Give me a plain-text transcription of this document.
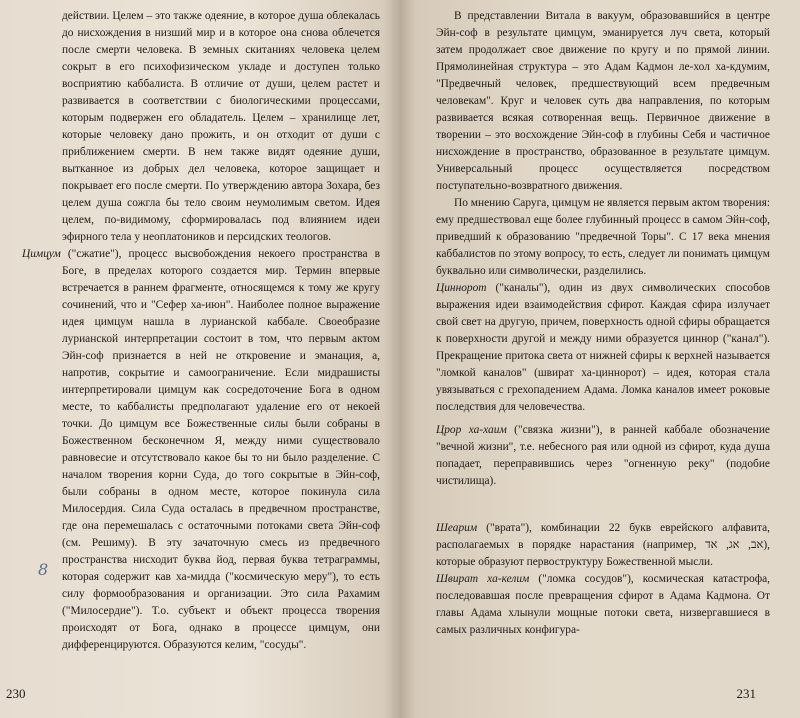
действии. Целем – это также одеяние, в которое душа облекалась до нисхождения в низший мир и в которое она снова облечется после смерти человека. В земных скитаниях человека целем сокрыт в его психофизическом укладе и доступен только восприятию каббалиста. В отличие от души, целем растет и развивается в соответствии с биологическими процессами, которым подвержен его обладатель. Целем – хранилище лет, которые человеку дано прожить, и он отходит от души с приближением смерти. В нем также видят одеяние души, вытканное из добрых дел человека, которое защищает и покрывает его после смерти. По утверждению автора Зохара, без целем душа сожгла бы тело своим неумолимым светом. Идея целем, по-видимому, сформировалась под влиянием идеи эфирного тела у неоплатоников и персидских теологов.

Цимцум ("сжатие"), процесс высвобождения некоего пространства в Боге, в пределах которого создается мир. Термин впервые встречается в раннем фрагменте, относящемся к тому же кругу сочинений, что и "Сефер ха-июн". Наиболее полное выражение идея цимцум нашла в лурианской каббале. Своеобразие лурианской интерпретации состоит в том, что первым актом Эйн-соф признается в ней не откровение и эманация, а, напротив, сокрытие и самоограничение. Если мидрашисты интерпретировали цимцум как сосредоточение Бога в одном месте, то каббалисты предполагают удаление его от некоей точки. До цимцум все Божественные силы были собраны в Божественном бесконечном Я, между ними существовало равновесие и отсутствовало какое бы то ни было разделение. С началом творения корни Суда, до того сокрытые в Эйн-соф, были собраны в одном месте, которое покинула сила Милосердия. Сила Суда осталась в предвечном пространстве, где она перемешалась с остаточными потоками света Эйн-соф (см. Решиму). В эту зачаточную смесь из предвечного пространства нисходит буква йод, первая буква тетраграммы, которая содержит кав ха-мидда ("космическую меру"), то есть силу формообразования и организации. Это сила Рахамим ("Милосердие"). Т.о. субъект и объект процесса творения происходят от Бога, однако в процессе цимцум, они дифференцируются. Образуются келим, "сосуды".

8
230

В представлении Витала в вакуум, образовавшийся в центре Эйн-соф в результате цимцум, эманируется луч света, который затем продолжает свое движение по кругу и по прямой линии. Прямолинейная структура – это Адам Кадмон ле-хол ха-кдумим, "Предвечный человек, предшествующий всем предвечным человекам". Круг и человек суть два направления, по которым развивается всякая сотворенная вещь. Первичное движение в творении – это восхождение Эйн-соф в глубины Себя и частичное нисхождение в пространство, образованное в результате цимцум. Универсальный процесс осуществляется посредством поступательно-возвратного движения.

По мнению Саруга, цимцум не является первым актом творения: ему предшествовал еще более глубинный процесс в самом Эйн-соф, приведший к образованию "предвечной Торы". С 17 века мнения каббалистов по этому вопросу, то есть, следует ли понимать цимцум буквально или символически, разделились.

Циннорот ("каналы"), один из двух символических способов выражения идеи взаимодействия сфирот. Каждая сфира излучает свой свет на другую, причем, поверхность одной сфиры обращается к поверхности другой и между ними образуется циннор ("канал"). Прекращение притока света от нижней сфиры к верхней называется "ломкой каналов" (швират ха-циннорот) – идея, которая стала увязываться с грехопадением Адама. Ломка каналов имеет роковые последствия для человечества.

Црор ха-хаим ("связка жизни"), в ранней каббале обозначение "вечной жизни", т.е. небесного рая или одной из сфирот, куда душа попадает, переправившись через "огненную реку" (подобие чистилища).

Шеарим ("врата"), комбинации 22 букв еврейского алфавита, располагаемых в порядке нарастания (например, אב, אג, אד), которые образуют первоструктуру Божественной мысли.

Швират ха-келим ("ломка сосудов"), космическая катастрофа, последовавшая после превращения сфирот в Адама Кадмона. От главы Адама хлынули мощные потоки света, низвергавшиеся в самых различных конфигура-

231
